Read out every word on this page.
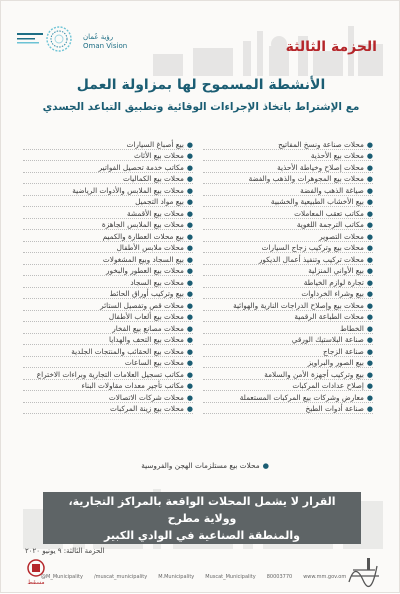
رؤية عُمان
Oman Vision	الحزمة الثالثة
الأنشطة المسموح لها بمزاولة العمل
مع الإشتراط باتخاذ الإجراءات الوقائية وتطبيق التباعد الجسدي
●
محلات صناعة ونسخ المفاتيح
●
محلات بيع الأحذية
●
محلات إصلاح وخياطة الأحذية
●
محلات بيع المجوهرات والذهب والفضة
●
صياغة الذهب والفضة
●
بيع الأخشاب الطبيعية والخشبية
●
مكاتب تعقب المعاملات
●
مكاتب الترجمة اللغوية
●
محلات التصوير
●
محلات بيع وتركيب زجاج السيارات
●
محلات تركيب وتنفيذ أعمال الديكور
●
بيع الأواني المنزلية
●
تجارة لوازم الخياطة
●
بيع وشراء الخرداوات
●
محلات بيع وإصلاح الدراجات النارية والهوائية
●
محلات الطباعة الرقمية
●
الخطاط
●
صناعة البلاستيك الورقي
●
صناعة الزجاج
●
بيع الصور والبراويز
●
بيع وتركيب أجهزة الأمن والسلامة
●
إصلاح عدادات المركبات
●
معارض وشركات بيع المركبات المستعملة
●
صناعة أدوات الطبخ
●
بيع أصباغ السيارات
●
محلات بيع الأثاث
●
مكاتب خدمة تحصيل الفواتير
●
محلات بيع الكماليات
●
محلات بيع الملابس والأدوات الرياضية
●
بيع مواد التجميل
●
محلات بيع الأقمشة
●
محلات بيع الملابس الجاهزة
●
بيع محلات العطارة والكميم
●
محلات ملابس الأطفال
●
بيع السجاد وبيع المشغولات
●
محلات بيع العطور والبخور
●
محلات بيع السجاد
●
بيع وتركيب أوراق الحائط
●
محلات قص وتفصيل الستائر
●
محلات بيع ألعاب الأطفال
●
محلات مصانع بيع الفخار
●
محلات بيع التحف والهدايا
●
محلات بيع الحقائب والمنتجات الجلدية
●
محلات بيع الساعات
●
مكاتب تسجيل العلامات التجارية وبراءات الاختراع
●
مكاتب تأجير معدات مقاولات البناء
●
محلات شركات الاتصالات
●
محلات بيع زينة المركبات
●محلات بيع مستلزمات الهجن والفروسية
القرار لا يشمل المحلات الواقعة بالمراكز التجارية، وولاية مطرح
والمنطقة الصناعية في الوادي الكبير
الحزمة الثالثة: ٩ يونيو ٢٠٢٠
@M_Municipality /muscat_municipality M.Municipality Muscat_Municipality 80003770 www.mm.gov.om
مسقط
